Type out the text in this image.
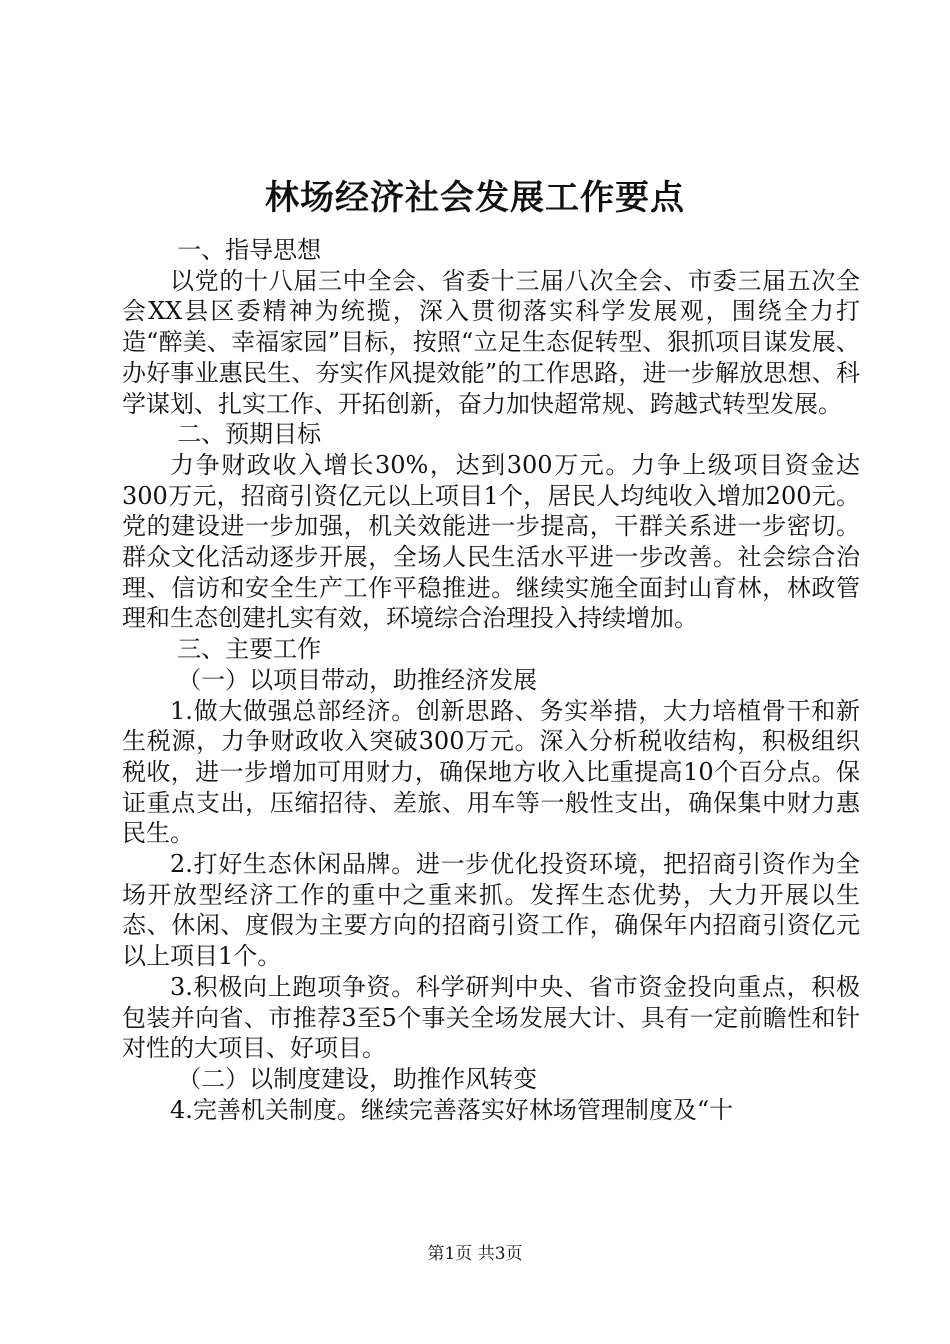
林场经济社会发展工作要点

一、指导思想

以党的十八届三中全会、省委十三届八次全会、市委三届五次全会XX县区委精神为统揽，深入贯彻落实科学发展观，围绕全力打造“醉美、幸福家园”目标，按照“立足生态促转型、狠抓项目谋发展、办好事业惠民生、夯实作风提效能”的工作思路，进一步解放思想、科学谋划、扎实工作、开拓创新，奋力加快超常规、跨越式转型发展。

二、预期目标

力争财政收入增长30%，达到300万元。力争上级项目资金达300万元，招商引资亿元以上项目1个，居民人均纯收入增加200元。党的建设进一步加强，机关效能进一步提高，干群关系进一步密切。群众文化活动逐步开展，全场人民生活水平进一步改善。社会综合治理、信访和安全生产工作平稳推进。继续实施全面封山育林，林政管理和生态创建扎实有效，环境综合治理投入持续增加。

三、主要工作

（一）以项目带动，助推经济发展

1.做大做强总部经济。创新思路、务实举措，大力培植骨干和新生税源，力争财政收入突破300万元。深入分析税收结构，积极组织税收，进一步增加可用财力，确保地方收入比重提高10个百分点。保证重点支出，压缩招待、差旅、用车等一般性支出，确保集中财力惠民生。

2.打好生态休闲品牌。进一步优化投资环境，把招商引资作为全场开放型经济工作的重中之重来抓。发挥生态优势，大力开展以生态、休闲、度假为主要方向的招商引资工作，确保年内招商引资亿元以上项目1个。

3.积极向上跑项争资。科学研判中央、省市资金投向重点，积极包装并向省、市推荐3至5个事关全场发展大计、具有一定前瞻性和针对性的大项目、好项目。

（二）以制度建设，助推作风转变

4.完善机关制度。继续完善落实好林场管理制度及“十

第1页 共3页
